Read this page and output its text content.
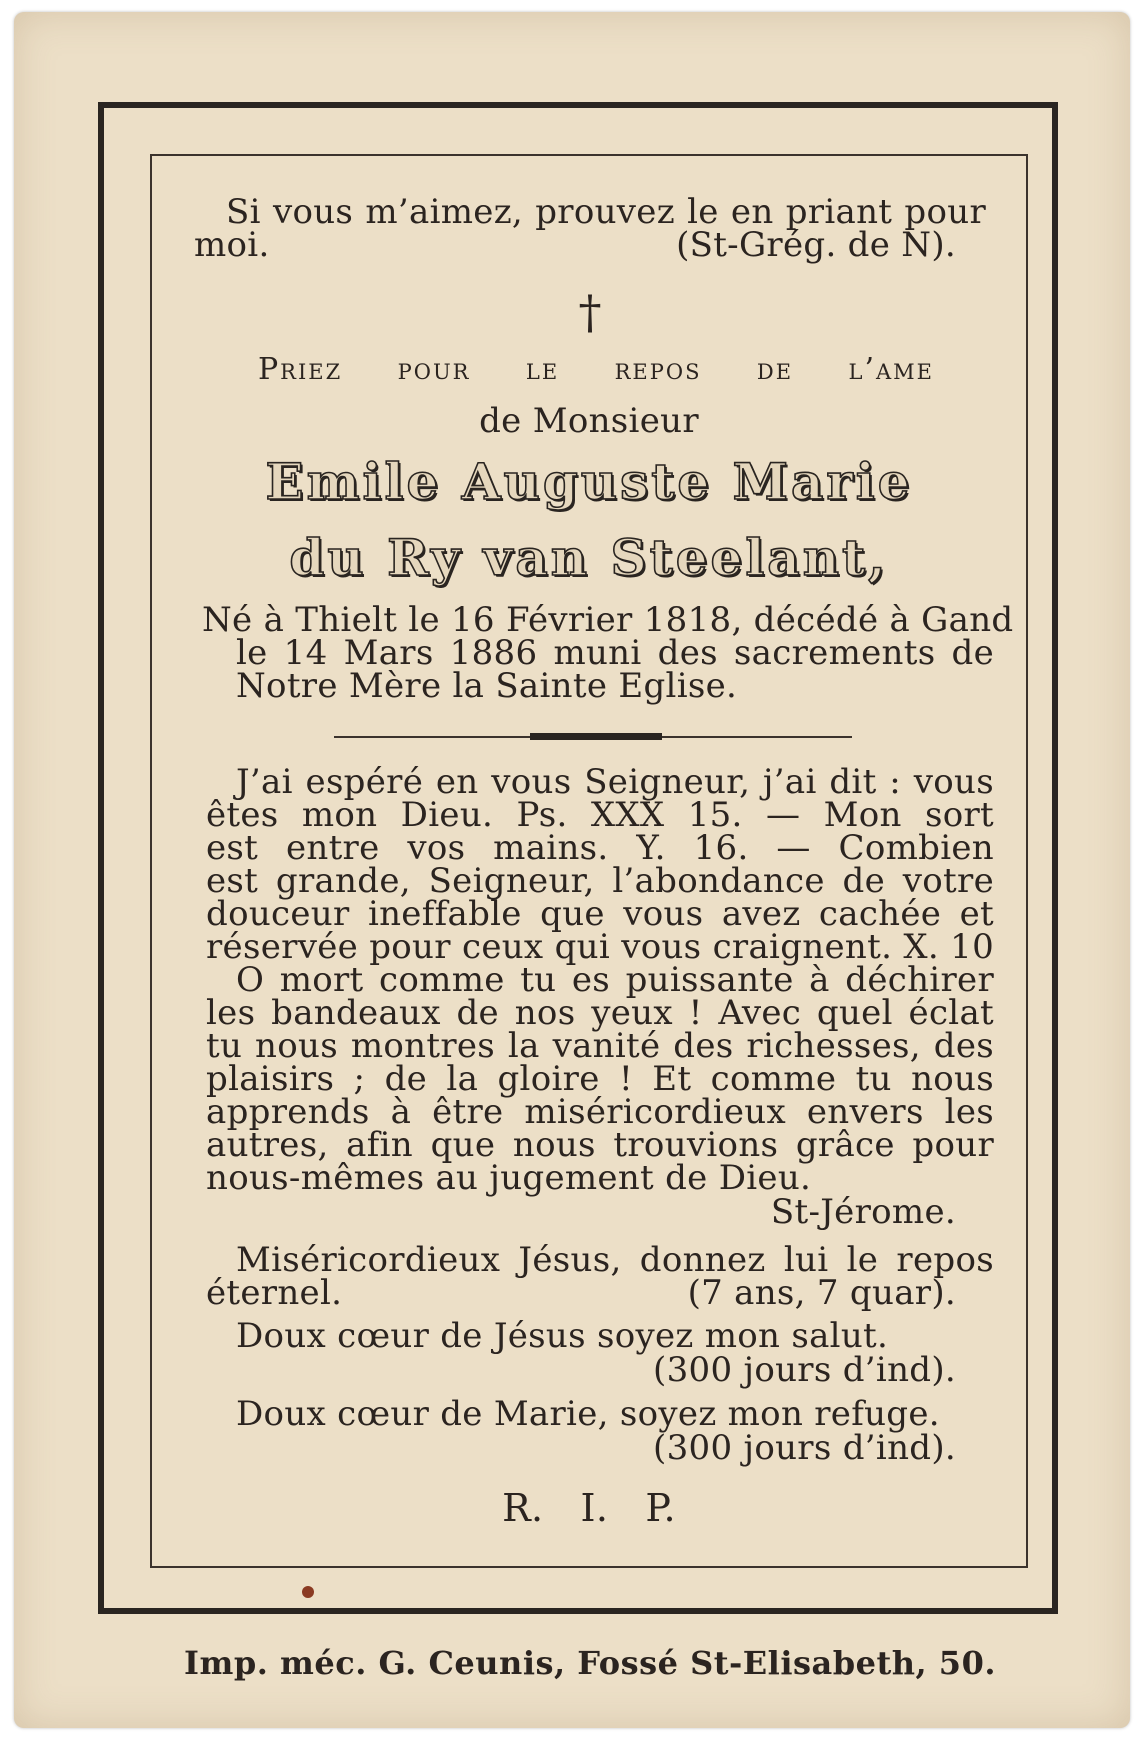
Si vous m’aimez, prouvez le en priant pour
moi.	(St-Grég. de N).
†
Priez pour le repos de l’ame
de Monsieur
Emile Auguste Marie
du Ry van Steelant,
Né à Thielt le 16 Février 1818, décédé à Gand
le 14 Mars 1886 muni des sacrements de
Notre Mère la Sainte Eglise.
J’ai espéré en vous Seigneur, j’ai dit : vous
êtes mon Dieu. Ps. XXX 15. — Mon sort
est entre vos mains. Y. 16. — Combien
est grande, Seigneur, l’abondance de votre
douceur ineffable que vous avez cachée et
réservée pour ceux qui vous craignent. X. 10
O mort comme tu es puissante à déchirer
les bandeaux de nos yeux ! Avec quel éclat
tu nous montres la vanité des richesses, des
plaisirs ; de la gloire ! Et comme tu nous
apprends à être miséricordieux envers les
autres, afin que nous trouvions grâce pour
nous-mêmes au jugement de Dieu.
St-Jérome.
Miséricordieux Jésus, donnez lui le repos
éternel.	(7 ans, 7 quar).
Doux cœur de Jésus soyez mon salut.
(300 jours d’ind).
Doux cœur de Marie, soyez mon refuge.
(300 jours d’ind).
R.   I.   P.
Imp. méc. G. Ceunis, Fossé St-Elisabeth, 50.
